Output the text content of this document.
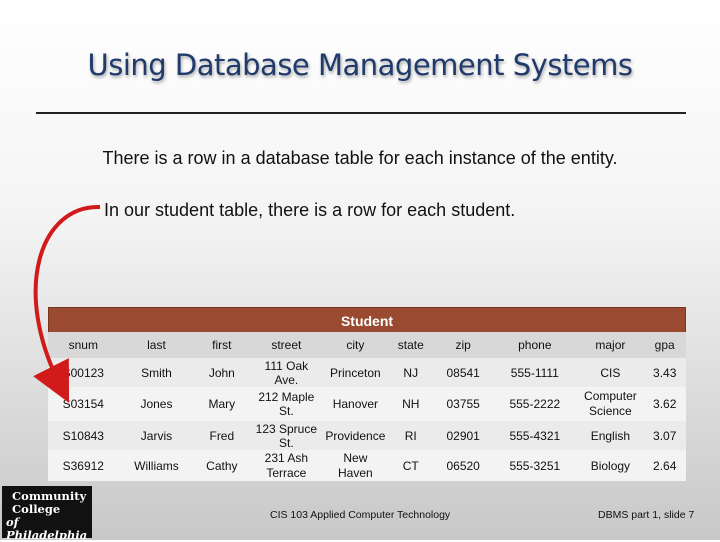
Using Database Management Systems
There is a row in a database table for each instance of the entity.
In our student table, there is a row for each student.
Student
snum	last	first	street	city	state	zip	phone	major	gpa
S00123	Smith	John	111 Oak Ave.	Princeton	NJ	08541	555-1111	CIS	3.43
S03154	Jones	Mary	212 Maple St.	Hanover	NH	03755	555-2222	Computer Science	3.62
S10843	Jarvis	Fred	123 Spruce St.	Providence	RI	02901	555-4321	English	3.07
S36912	Williams	Cathy	231 Ash Terrace	New Haven	CT	06520	555-3251	Biology	2.64
Community
College
of Philadelphia
CIS 103 Applied Computer Technology	DBMS part 1, slide 7
